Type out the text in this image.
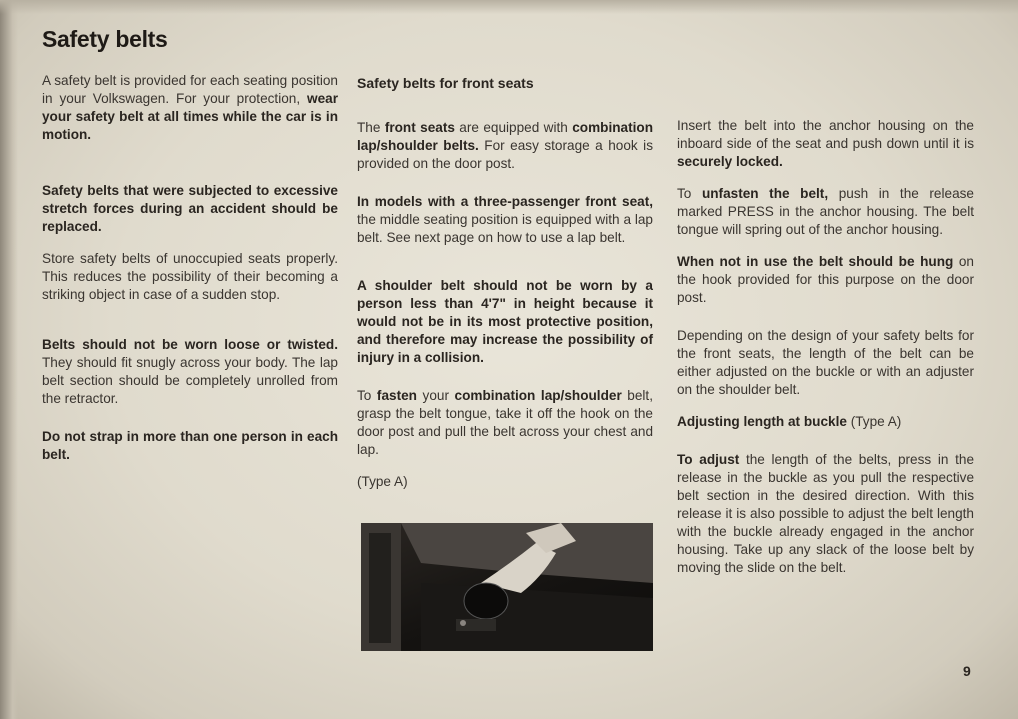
Safety belts

A safety belt is provided for each seating position in your Volkswagen. For your protection, wear your safety belt at all times while the car is in motion.

Safety belts that were subjected to excessive stretch forces during an accident should be replaced.

Store safety belts of unoccupied seats properly. This reduces the possibility of their becoming a striking object in case of a sudden stop.

Belts should not be worn loose or twisted. They should fit snugly across your body. The lap belt section should be completely unrolled from the retractor.

Do not strap in more than one person in each belt.

Safety belts for front seats

The front seats are equipped with combination lap/shoulder belts. For easy storage a hook is provided on the door post.

In models with a three-passenger front seat, the middle seating position is equipped with a lap belt. See next page on how to use a lap belt.

A shoulder belt should not be worn by a person less than 4'7" in height because it would not be in its most protective position, and therefore may increase the possibility of injury in a collision.

To fasten your combination lap/shoulder belt, grasp the belt tongue, take it off the hook on the door post and pull the belt across your chest and lap.

(Type A)

Insert the belt into the anchor housing on the inboard side of the seat and push down until it is securely locked.

To unfasten the belt, push in the release marked PRESS in the anchor housing. The belt tongue will spring out of the anchor housing.

When not in use the belt should be hung on the hook provided for this purpose on the door post.

Depending on the design of your safety belts for the front seats, the length of the belt can be either adjusted on the buckle or with an adjuster on the shoulder belt.

Adjusting length at buckle (Type A)

To adjust the length of the belts, press in the release in the buckle as you pull the respective belt section in the desired direction. With this release it is also possible to adjust the belt length with the buckle already engaged in the anchor housing. Take up any slack of the loose belt by moving the slide on the belt.

9
